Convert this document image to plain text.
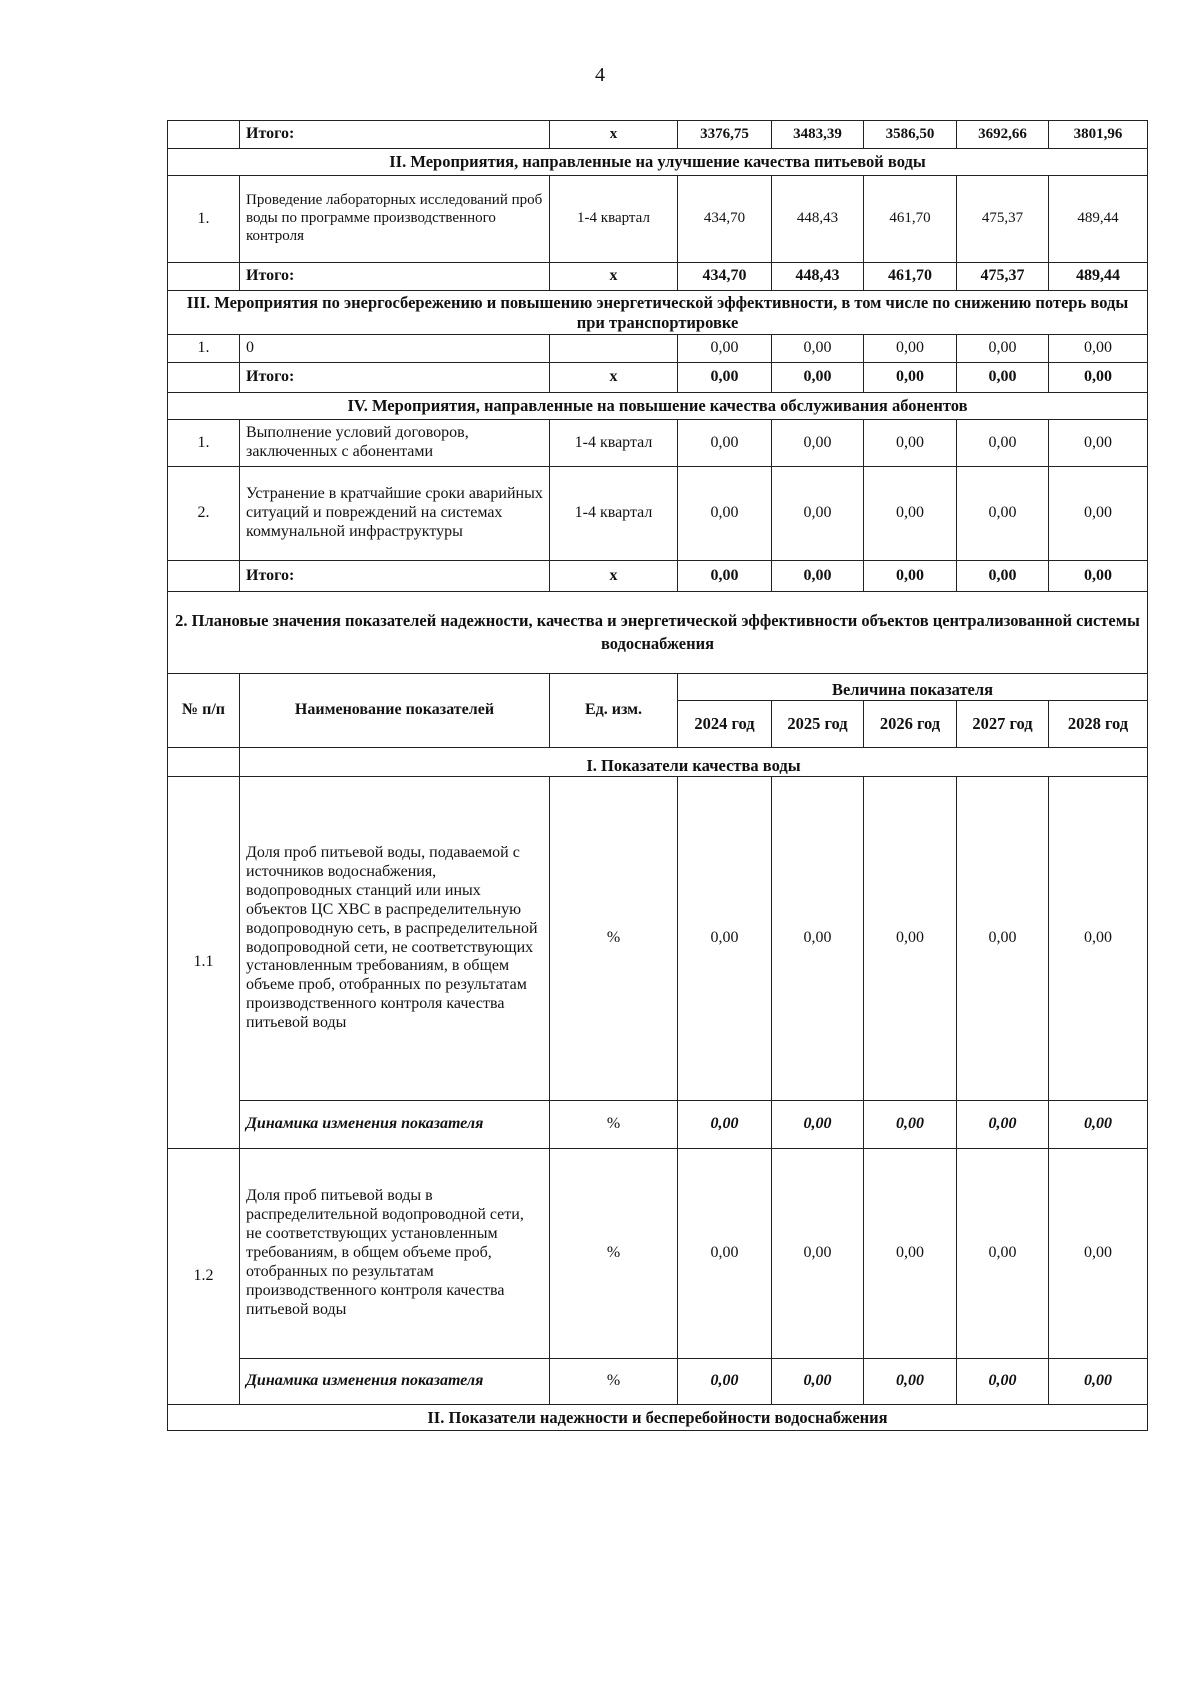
4
	Итого:	x	3376,75	3483,39	3586,50	3692,66	3801,96
II. Мероприятия, направленные на улучшение качества питьевой воды							
1.	Проведение лабораторных исследований проб воды по программе производственного контроля	1-4 квартал	434,70	448,43	461,70	475,37	489,44
	Итого:	x	434,70	448,43	461,70	475,37	489,44
III. Мероприятия по энергосбережению и повышению энергетической эффективности, в том числе по снижению потерь воды при транспортировке							
1.	0		0,00	0,00	0,00	0,00	0,00
	Итого:	x	0,00	0,00	0,00	0,00	0,00
IV. Мероприятия, направленные на повышение качества обслуживания абонентов							
1.	Выполнение условий договоров, заключенных с абонентами	1-4 квартал	0,00	0,00	0,00	0,00	0,00
2.	Устранение в кратчайшие сроки аварийных ситуаций и повреждений на системах коммунальной инфраструктуры	1-4 квартал	0,00	0,00	0,00	0,00	0,00
	Итого:	x	0,00	0,00	0,00	0,00	0,00
2. Плановые значения показателей надежности, качества и энергетической эффективности объектов централизованной системы водоснабжения							
№ п/п	Наименование показателей	Ед. изм.	Величина показателя				
			2024 год	2025 год	2026 год	2027 год	2028 год
	I. Показатели качества воды						
1.1	Доля проб питьевой воды, подаваемой с источников водоснабжения, водопроводных станций или иных объектов ЦС ХВС в распределительную водопроводную сеть, в распределительной водопроводной сети, не соответствующих установленным требованиям, в общем объеме проб, отобранных по результатам производственного контроля качества питьевой воды	%	0,00	0,00	0,00	0,00	0,00
	Динамика изменения показателя	%	0,00	0,00	0,00	0,00	0,00
1.2	Доля проб питьевой воды в распределительной водопроводной сети, не соответствующих установленным требованиям, в общем объеме проб, отобранных по результатам производственного контроля качества питьевой воды	%	0,00	0,00	0,00	0,00	0,00
	Динамика изменения показателя	%	0,00	0,00	0,00	0,00	0,00
II. Показатели надежности и бесперебойности водоснабжения							
